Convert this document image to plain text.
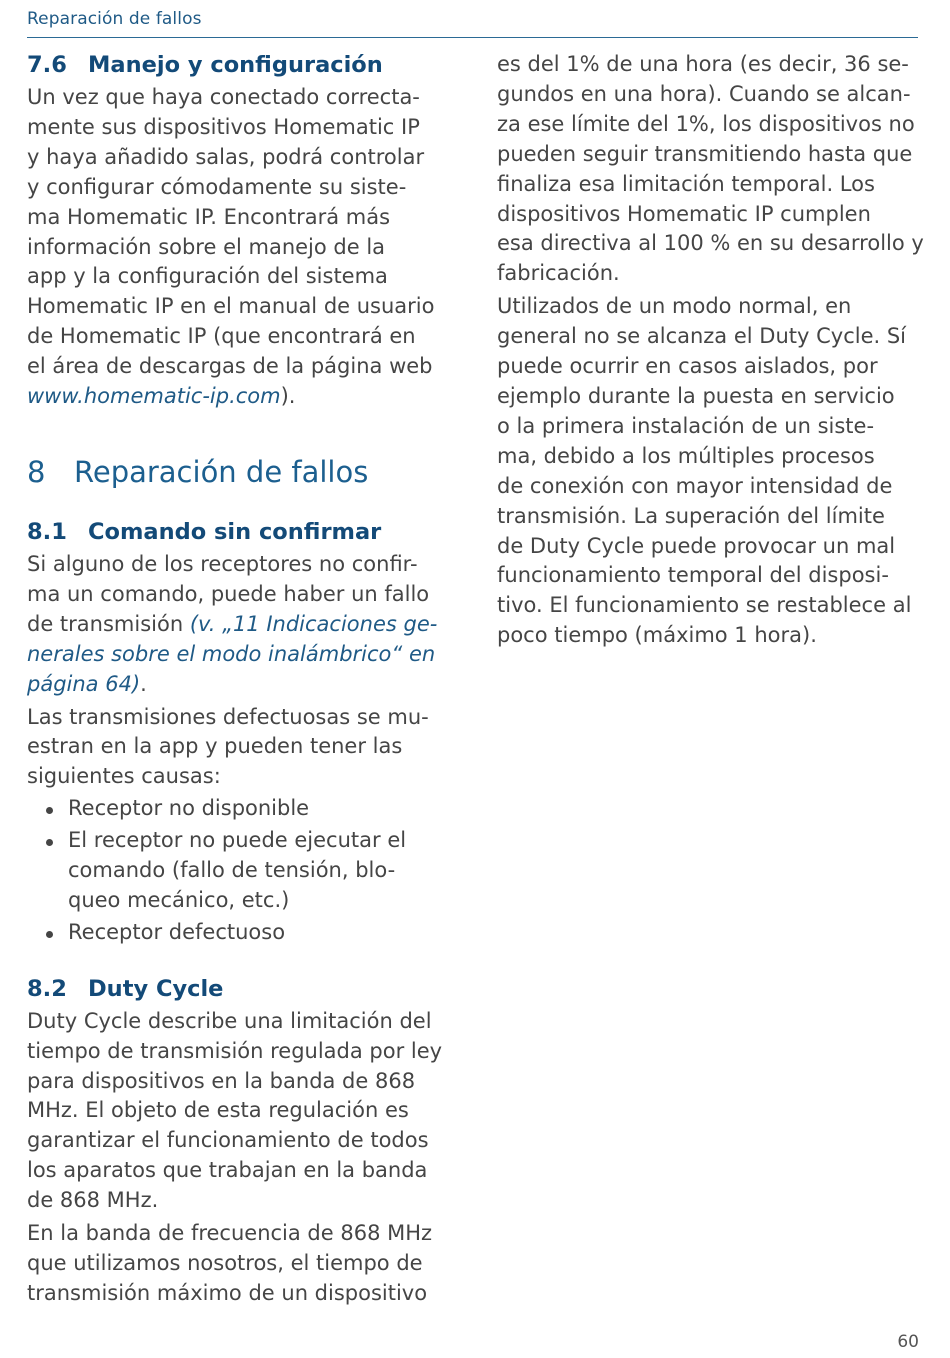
Reparación de fallos
7.6 Manejo y configuración

Un vez que haya conectado correcta-
mente sus dispositivos Homematic IP
y haya añadido salas, podrá controlar
y configurar cómodamente su siste-
ma Homematic IP. Encontrará más
información sobre el manejo de la
app y la configuración del sistema
Homematic IP en el manual de usuario
de Homematic IP (que encontrará en
el área de descargas de la página web
www.homematic-ip.com).

8 Reparación de fallos
8.1 Comando sin confirmar

Si alguno de los receptores no confir-
ma un comando, puede haber un fallo
de transmisión (v. „11 Indicaciones ge-
nerales sobre el modo inalámbrico“ en
página 64).

Las transmisiones defectuosas se mu-
estran en la app y pueden tener las
siguientes causas:

Receptor no disponible
El receptor no puede ejecutar el
comando (fallo de tensión, blo-
queo mecánico, etc.)
Receptor defectuoso
8.2 Duty Cycle

Duty Cycle describe una limitación del
tiempo de transmisión regulada por ley
para dispositivos en la banda de 868
MHz. El objeto de esta regulación es
garantizar el funcionamiento de todos
los aparatos que trabajan en la banda
de 868 MHz.

En la banda de frecuencia de 868 MHz
que utilizamos nosotros, el tiempo de
transmisión máximo de un dispositivo

es del 1% de una hora (es decir, 36 se-
gundos en una hora). Cuando se alcan-
za ese límite del 1%, los dispositivos no
pueden seguir transmitiendo hasta que
finaliza esa limitación temporal. Los
dispositivos Homematic IP cumplen
esa directiva al 100 % en su desarrollo y
fabricación.

Utilizados de un modo normal, en
general no se alcanza el Duty Cycle. Sí
puede ocurrir en casos aislados, por
ejemplo durante la puesta en servicio
o la primera instalación de un siste-
ma, debido a los múltiples procesos
de conexión con mayor intensidad de
transmisión. La superación del límite
de Duty Cycle puede provocar un mal
funcionamiento temporal del disposi-
tivo. El funcionamiento se restablece al
poco tiempo (máximo 1 hora).

60
